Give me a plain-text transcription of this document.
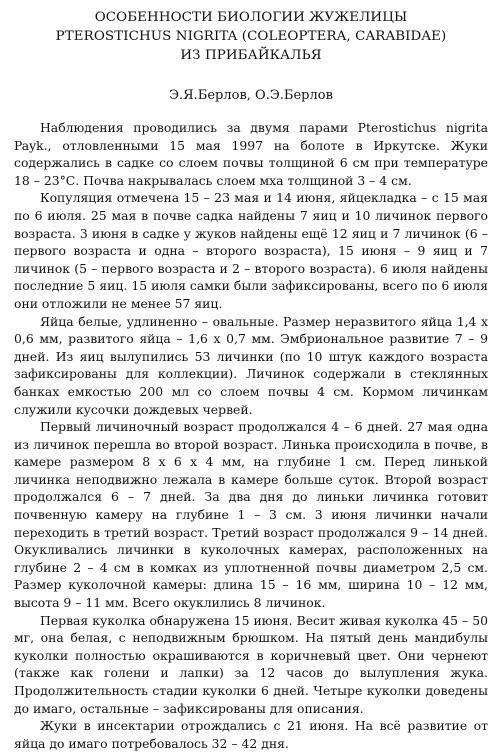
ОСОБЕННОСТИ БИОЛОГИИ ЖУЖЕЛИЦЫ
PTEROSTICHUS NIGRITA (COLEOPTERA, CARABIDAE)
ИЗ ПРИБАЙКАЛЬЯ
Э.Я.Берлов, О.Э.Берлов

Наблюдения проводились за двумя парами Pterostichus nigrita Payk., отловленными 15 мая 1997 на болоте в Иркутске. Жуки содержались в садке со слоем почвы толщиной 6 см при температуре 18 – 23°С. Почва накрывалась слоем мха толщиной 3 – 4 см.

Копуляция отмечена 15 – 23 мая и 14 июня, яйцекладка – с 15 мая по 6 июля. 25 мая в почве садка найдены 7 яиц и 10 личинок первого возраста. 3 июня в садке у жуков найдены ещё 12 яиц и 7 личинок (6 – первого возраста и одна – второго возраста), 15 июня – 9 яиц и 7 личинок (5 – первого возраста и 2 – второго возраста). 6 июля найдены последние 5 яиц. 15 июля самки были зафиксированы, всего по 6 июля они отложили не менее 57 яиц.

Яйца белые, удлиненно – овальные. Размер неразвитого яйца 1,4 х 0,6 мм, развитого яйца – 1,6 х 0,7 мм. Эмбриональное развитие 7 – 9 дней. Из яиц вылупились 53 личинки (по 10 штук каждого возраста зафиксированы для коллекции). Личинок содержали в стеклянных банках емкостью 200 мл со слоем почвы 4 см. Кормом личинкам служили кусочки дождевых червей.

Первый личиночный возраст продолжался 4 – 6 дней. 27 мая одна из личинок перешла во второй возраст. Линька происходила в почве, в камере размером 8 х 6 х 4 мм, на глубине 1 см. Перед линькой личинка неподвижно лежала в камере больше суток. Второй возраст продолжался 6 – 7 дней. За два дня до линьки личинка готовит почвенную камеру на глубине 1 – 3 см. 3 июня личинки начали переходить в третий возраст. Третий возраст продолжался 9 – 14 дней. Окукливались личинки в куколочных камерах, расположенных на глубине 2 – 4 см в комках из уплотненной почвы диаметром 2,5 см. Размер куколочной камеры: длина 15 – 16 мм, ширина 10 – 12 мм, высота 9 – 11 мм. Всего окуклились 8 личинок.

Первая куколка обнаружена 15 июня. Весит живая куколка 45 – 50 мг, она белая, с неподвижным брюшком. На пятый день мандибулы куколки полностью окрашиваются в коричневый цвет. Они чернеют (также как голени и лапки) за 12 часов до вылупления жука. Продолжительность стадии куколки 6 дней. Четыре куколки доведены до имаго, остальные – зафиксированы для описания.

Жуки в инсектарии отрождались с 21 июня. На всё развитие от яйца до имаго потребовалось 32 – 42 дня.
